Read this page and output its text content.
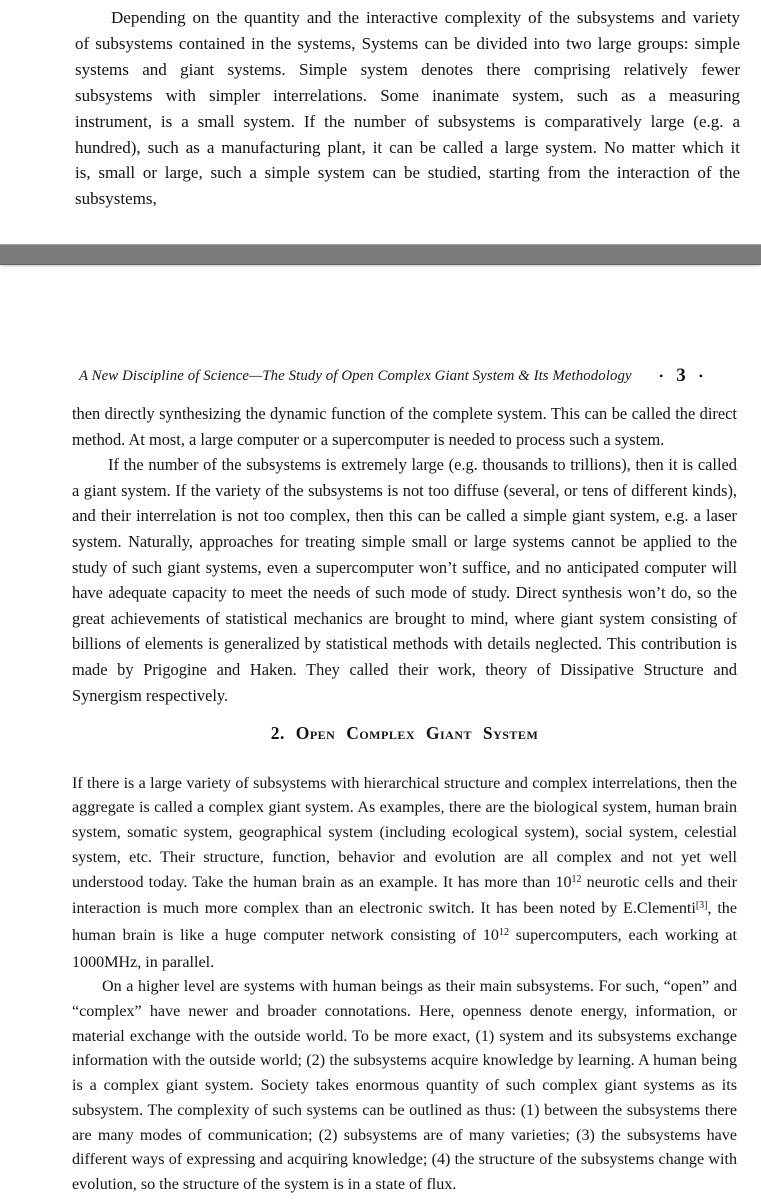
Depending on the quantity and the interactive complexity of the subsystems and variety of subsystems contained in the systems, Systems can be divided into two large groups: simple systems and giant systems. Simple system denotes there comprising relatively fewer subsystems with simpler interrelations. Some inanimate system, such as a measuring instrument, is a small system. If the number of subsystems is comparatively large (e.g. a hundred), such as a manufacturing plant, it can be called a large system. No matter which it is, small or large, such a simple system can be studied, starting from the interaction of the subsystems,

A New Discipline of Science—The Study of Open Complex Giant System & Its Methodology • 3 •

then directly synthesizing the dynamic function of the complete system. This can be called the direct method. At most, a large computer or a supercomputer is needed to process such a system.

If the number of the subsystems is extremely large (e.g. thousands to trillions), then it is called a giant system. If the variety of the subsystems is not too diffuse (several, or tens of different kinds), and their interrelation is not too complex, then this can be called a simple giant system, e.g. a laser system. Naturally, approaches for treating simple small or large systems cannot be applied to the study of such giant systems, even a supercomputer won’t suffice, and no anticipated computer will have adequate capacity to meet the needs of such mode of study. Direct synthesis won’t do, so the great achievements of statistical mechanics are brought to mind, where giant system consisting of billions of elements is generalized by statistical methods with details neglected. This contribution is made by Prigogine and Haken. They called their work, theory of Dissipative Structure and Synergism respectively.

2. Open Complex Giant System

If there is a large variety of subsystems with hierarchical structure and complex interrelations, then the aggregate is called a complex giant system. As examples, there are the biological system, human brain system, somatic system, geographical system (including ecological system), social system, celestial system, etc. Their structure, function, behavior and evolution are all complex and not yet well understood today. Take the human brain as an example. It has more than $10^{12}$ neurotic cells and their interaction is much more complex than an electronic switch. It has been noted by E.Clementi[3], the human brain is like a huge computer network consisting of $10^{12}$ supercomputers, each working at 1000MHz, in parallel.

On a higher level are systems with human beings as their main subsystems. For such, “open” and “complex” have newer and broader connotations. Here, openness denote energy, information, or material exchange with the outside world. To be more exact, (1) system and its subsystems exchange information with the outside world; (2) the subsystems acquire knowledge by learning. A human being is a complex giant system. Society takes enormous quantity of such complex giant systems as its subsystem. The complexity of such systems can be outlined as thus: (1) between the subsystems there are many modes of communication; (2) subsystems are of many varieties; (3) the subsystems have different ways of expressing and acquiring knowledge; (4) the structure of the subsystems change with evolution, so the structure of the system is in a state of flux.
